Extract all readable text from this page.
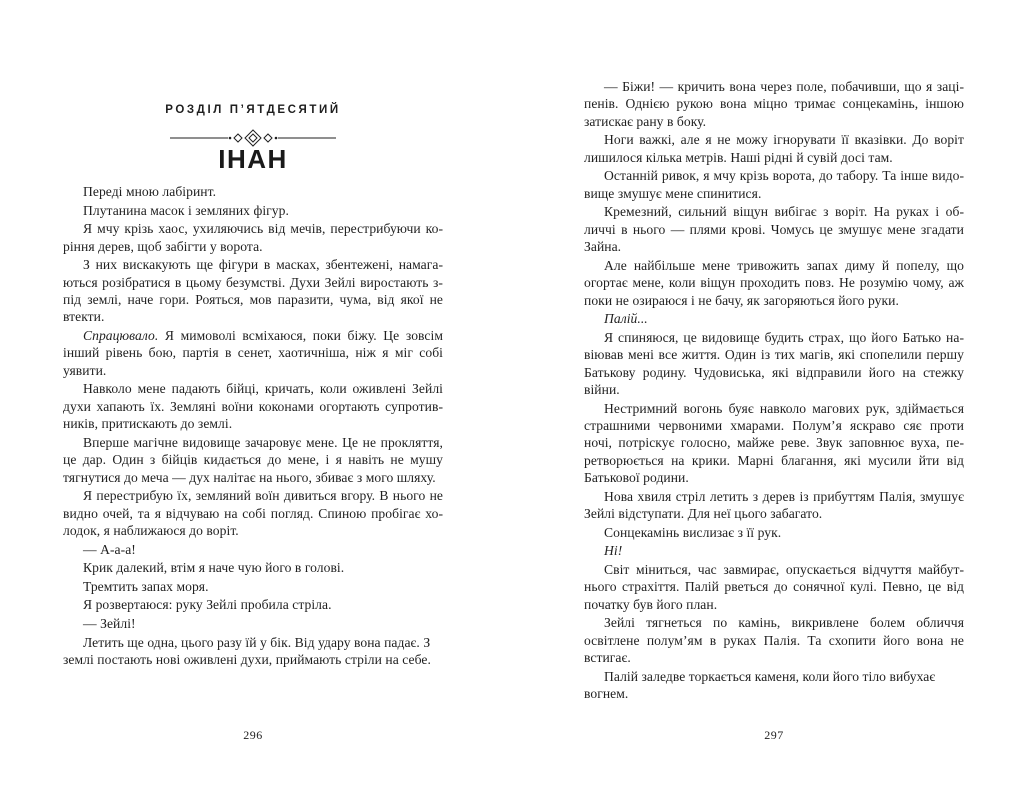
РОЗДІЛ П’ЯТДЕСЯТИЙ
ІНАН

Переді мною лабіринт.

Плутанина масок і земляних фігур.

Я мчу крізь хаос, ухиляючись від мечів, перестрибуючи коріння дерев, щоб забігти у ворота.

З них вискакують ще фігури в масках, збентежені, намагаються розібратися в цьому безумстві. Духи Зейлі виростають з-під землі, наче гори. Рояться, мов паразити, чума, від якої не втекти.

Спрацювало. Я мимоволі всміхаюся, поки біжу. Це зовсім інший рівень бою, партія в сенет, хаотичніша, ніж я міг собі уявити.

Навколо мене падають бійці, кричать, коли оживлені Зейлі духи хапають їх. Земляні воїни коконами огортають супротивників, притискають до землі.

Вперше магічне видовище зачаровує мене. Це не прокляття, це дар. Один з бійців кидається до мене, і я навіть не мушу тягнутися до меча — дух налітає на нього, збиває з мого шляху.

Я перестрибую їх, земляний воїн дивиться вгору. В нього не видно очей, та я відчуваю на собі погляд. Спиною пробігає холодок, я наближаюся до воріт.

— А-а-а!

Крик далекий, втім я наче чую його в голові.

Тремтить запах моря.

Я розвертаюся: руку Зейлі пробила стріла.

— Зейлі!

Летить ще одна, цього разу їй у бік. Від удару вона падає. З землі постають нові оживлені духи, приймають стріли на себе.

296

— Біжи! — кричить вона через поле, побачивши, що я заціпенів. Однією рукою вона міцно тримає сонцекамінь, іншою затискає рану в боку.

Ноги важкі, але я не можу ігнорувати її вказівки. До воріт лишилося кілька метрів. Наші рідні й сувій досі там.

Останній ривок, я мчу крізь ворота, до табору. Та інше видовище змушує мене спинитися.

Кремезний, сильний віщун вибігає з воріт. На руках і обличчі в нього — плями крові. Чомусь це змушує мене згадати Зайна.

Але найбільше мене тривожить запах диму й попелу, що огортає мене, коли віщун проходить повз. Не розумію чому, аж поки не озираюся і не бачу, як загоряються його руки.

Палій...

Я спиняюся, це видовище будить страх, що його Батько навіював мені все життя. Один із тих магів, які спопелили першу Батькову родину. Чудовиська, які відправили його на стежку війни.

Нестримний вогонь буяє навколо магових рук, здіймається страшними червоними хмарами. Полум’я яскраво сяє проти ночі, потріскує голосно, майже реве. Звук заповнює вуха, перетворюється на крики. Марні благання, які мусили йти від Батькової родини.

Нова хвиля стріл летить з дерев із прибуттям Палія, змушує Зейлі відступати. Для неї цього забагато.

Сонцекамінь вислизає з її рук.

Ні!

Світ міниться, час завмирає, опускається відчуття майбутнього страхіття. Палій рветься до сонячної кулі. Певно, це від початку був його план.

Зейлі тягнеться по камінь, викривлене болем обличчя освітлене полум’ям в руках Палія. Та схопити його вона не встигає.

Палій заледве торкається каменя, коли його тіло вибухає вогнем.

297
